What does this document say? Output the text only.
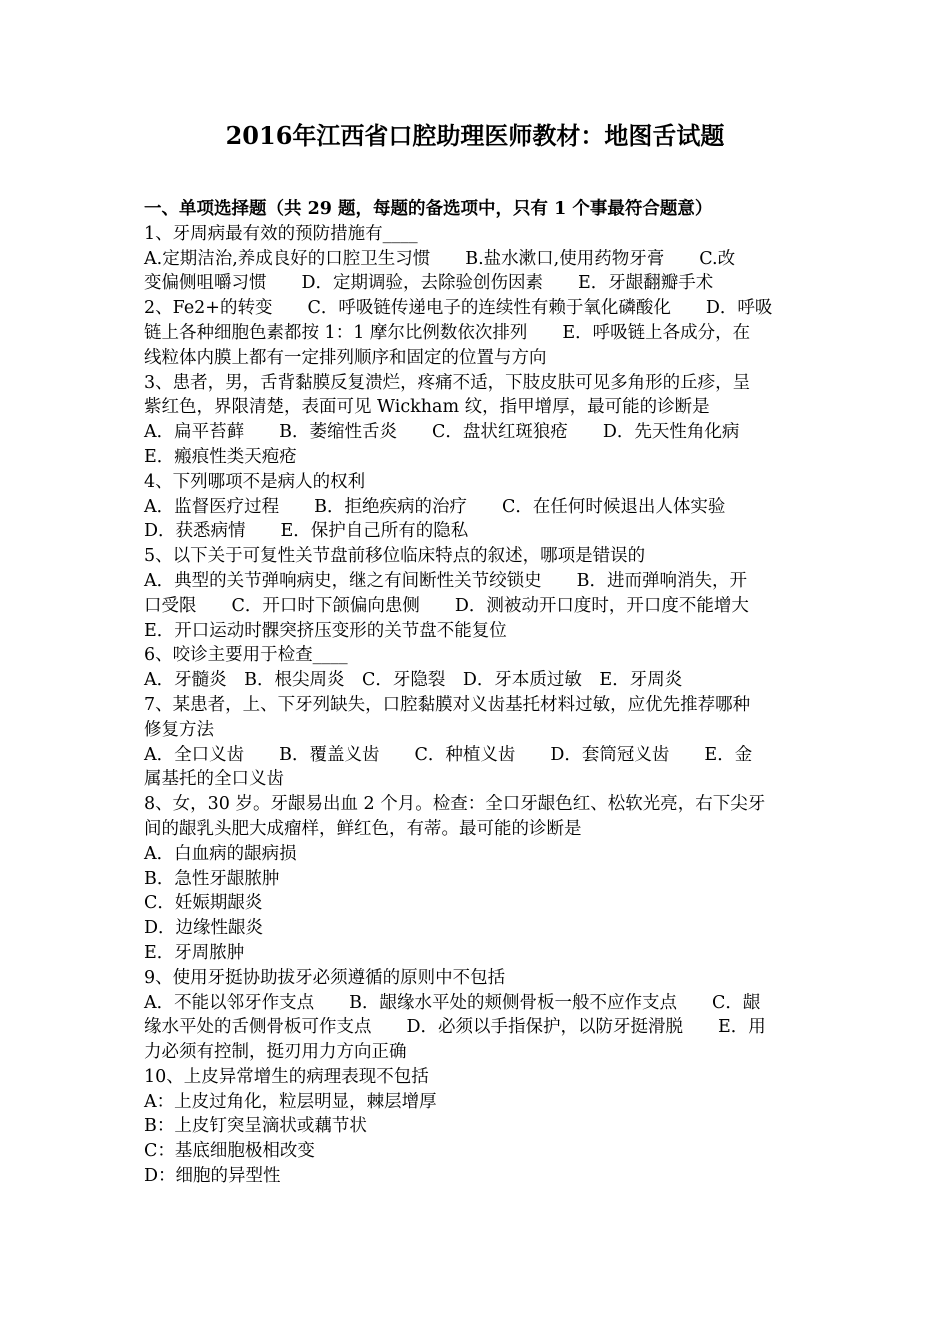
2016年江西省口腔助理医师教材：地图舌试题
一、单项选择题（共 29 题，每题的备选项中，只有 1 个事最符合题意）
1、牙周病最有效的预防措施有____
A.定期洁治,养成良好的口腔卫生习惯　　B.盐水漱口,使用药物牙膏　　C.改
变偏侧咀嚼习惯　　D．定期调验，去除验创伤因素　　E．牙龈翻瓣手术
2、Fe2+的转变　　C．呼吸链传递电子的连续性有赖于氧化磷酸化　　D．呼吸
链上各种细胞色素都按 1：1 摩尔比例数依次排列　　E．呼吸链上各成分，在
线粒体内膜上都有一定排列顺序和固定的位置与方向
3、患者，男，舌背黏膜反复溃烂，疼痛不适，下肢皮肤可见多角形的丘疹，呈
紫红色，界限清楚，表面可见 Wickham 纹，指甲增厚，最可能的诊断是
A．扁平苔藓　　B．萎缩性舌炎　　C．盘状红斑狼疮　　D．先天性角化病
E．瘢痕性类天疱疮
4、下列哪项不是病人的权利
A．监督医疗过程　　B．拒绝疾病的治疗　　C．在任何时候退出人体实验
D．获悉病情　　E．保护自己所有的隐私
5、以下关于可复性关节盘前移位临床特点的叙述，哪项是错误的
A．典型的关节弹响病史，继之有间断性关节绞锁史　　B．进而弹响消失，开
口受限　　C．开口时下颌偏向患侧　　D．测被动开口度时，开口度不能增大
E．开口运动时髁突挤压变形的关节盘不能复位
6、咬诊主要用于检查____
A．牙髓炎　B．根尖周炎　C．牙隐裂　D．牙本质过敏　E．牙周炎
7、某患者，上、下牙列缺失，口腔黏膜对义齿基托材料过敏，应优先推荐哪种
修复方法
A．全口义齿　　B．覆盖义齿　　C．种植义齿　　D．套筒冠义齿　　E．金
属基托的全口义齿
8、女，30 岁。牙龈易出血 2 个月。检查：全口牙龈色红、松软光亮，右下尖牙
间的龈乳头肥大成瘤样，鲜红色，有蒂。最可能的诊断是
A．白血病的龈病损
B．急性牙龈脓肿
C．妊娠期龈炎
D．边缘性龈炎
E．牙周脓肿
9、使用牙挺协助拔牙必须遵循的原则中不包括
A．不能以邻牙作支点　　B．龈缘水平处的颊侧骨板一般不应作支点　　C．龈
缘水平处的舌侧骨板可作支点　　D．必须以手指保护，以防牙挺滑脱　　E．用
力必须有控制，挺刃用力方向正确
10、上皮异常增生的病理表现不包括
A：上皮过角化，粒层明显，棘层增厚
B：上皮钉突呈滴状或藕节状
C：基底细胞极相改变
D：细胞的异型性
